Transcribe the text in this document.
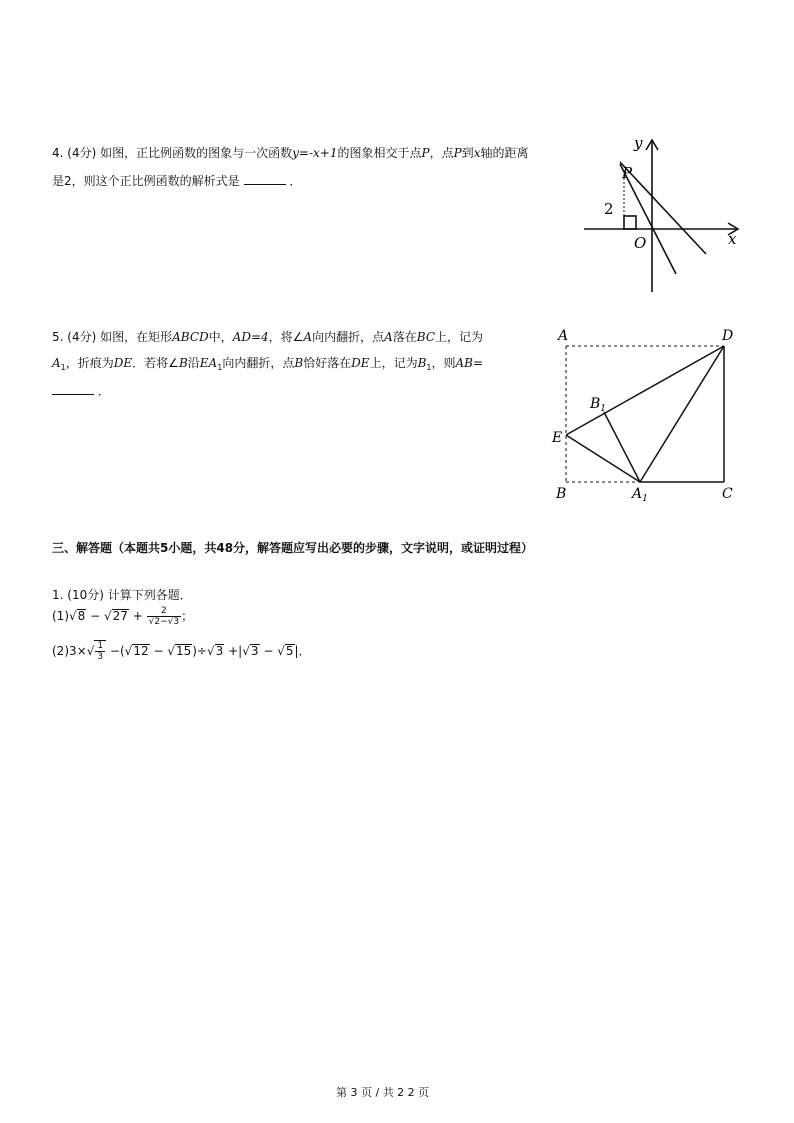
4. (4分) 如图，正比例函数的图象与一次函数y=-x+1的图象相交于点P，点P到x轴的距离
是2，则这个正比例函数的解析式是	．	P
2
O	x
y
5. (4分) 如图，在矩形ABCD中，AD=4，将∠A向内翻折，点A落在BC上，记为
$A_1$，折痕为DE．若将∠B沿$EA_1$向内翻折，点B恰好落在DE上，记为$B_1$，则AB=
．
A	D
E
B	C
$A_1$
$B_1$
三、解答题（本题共5小题，共48分，解答题应写出必要的步骤，文字说明，或证明过程）
1. (10分) 计算下列各题．
$(1)√8 - √27 + \frac{2}{√2-√3}$ ；
$(2)3\times√ \frac{1}{3} -(√12 - √15)\div√3 +|√3 - √5|$．
第 3 页 / 共 2 2 页
